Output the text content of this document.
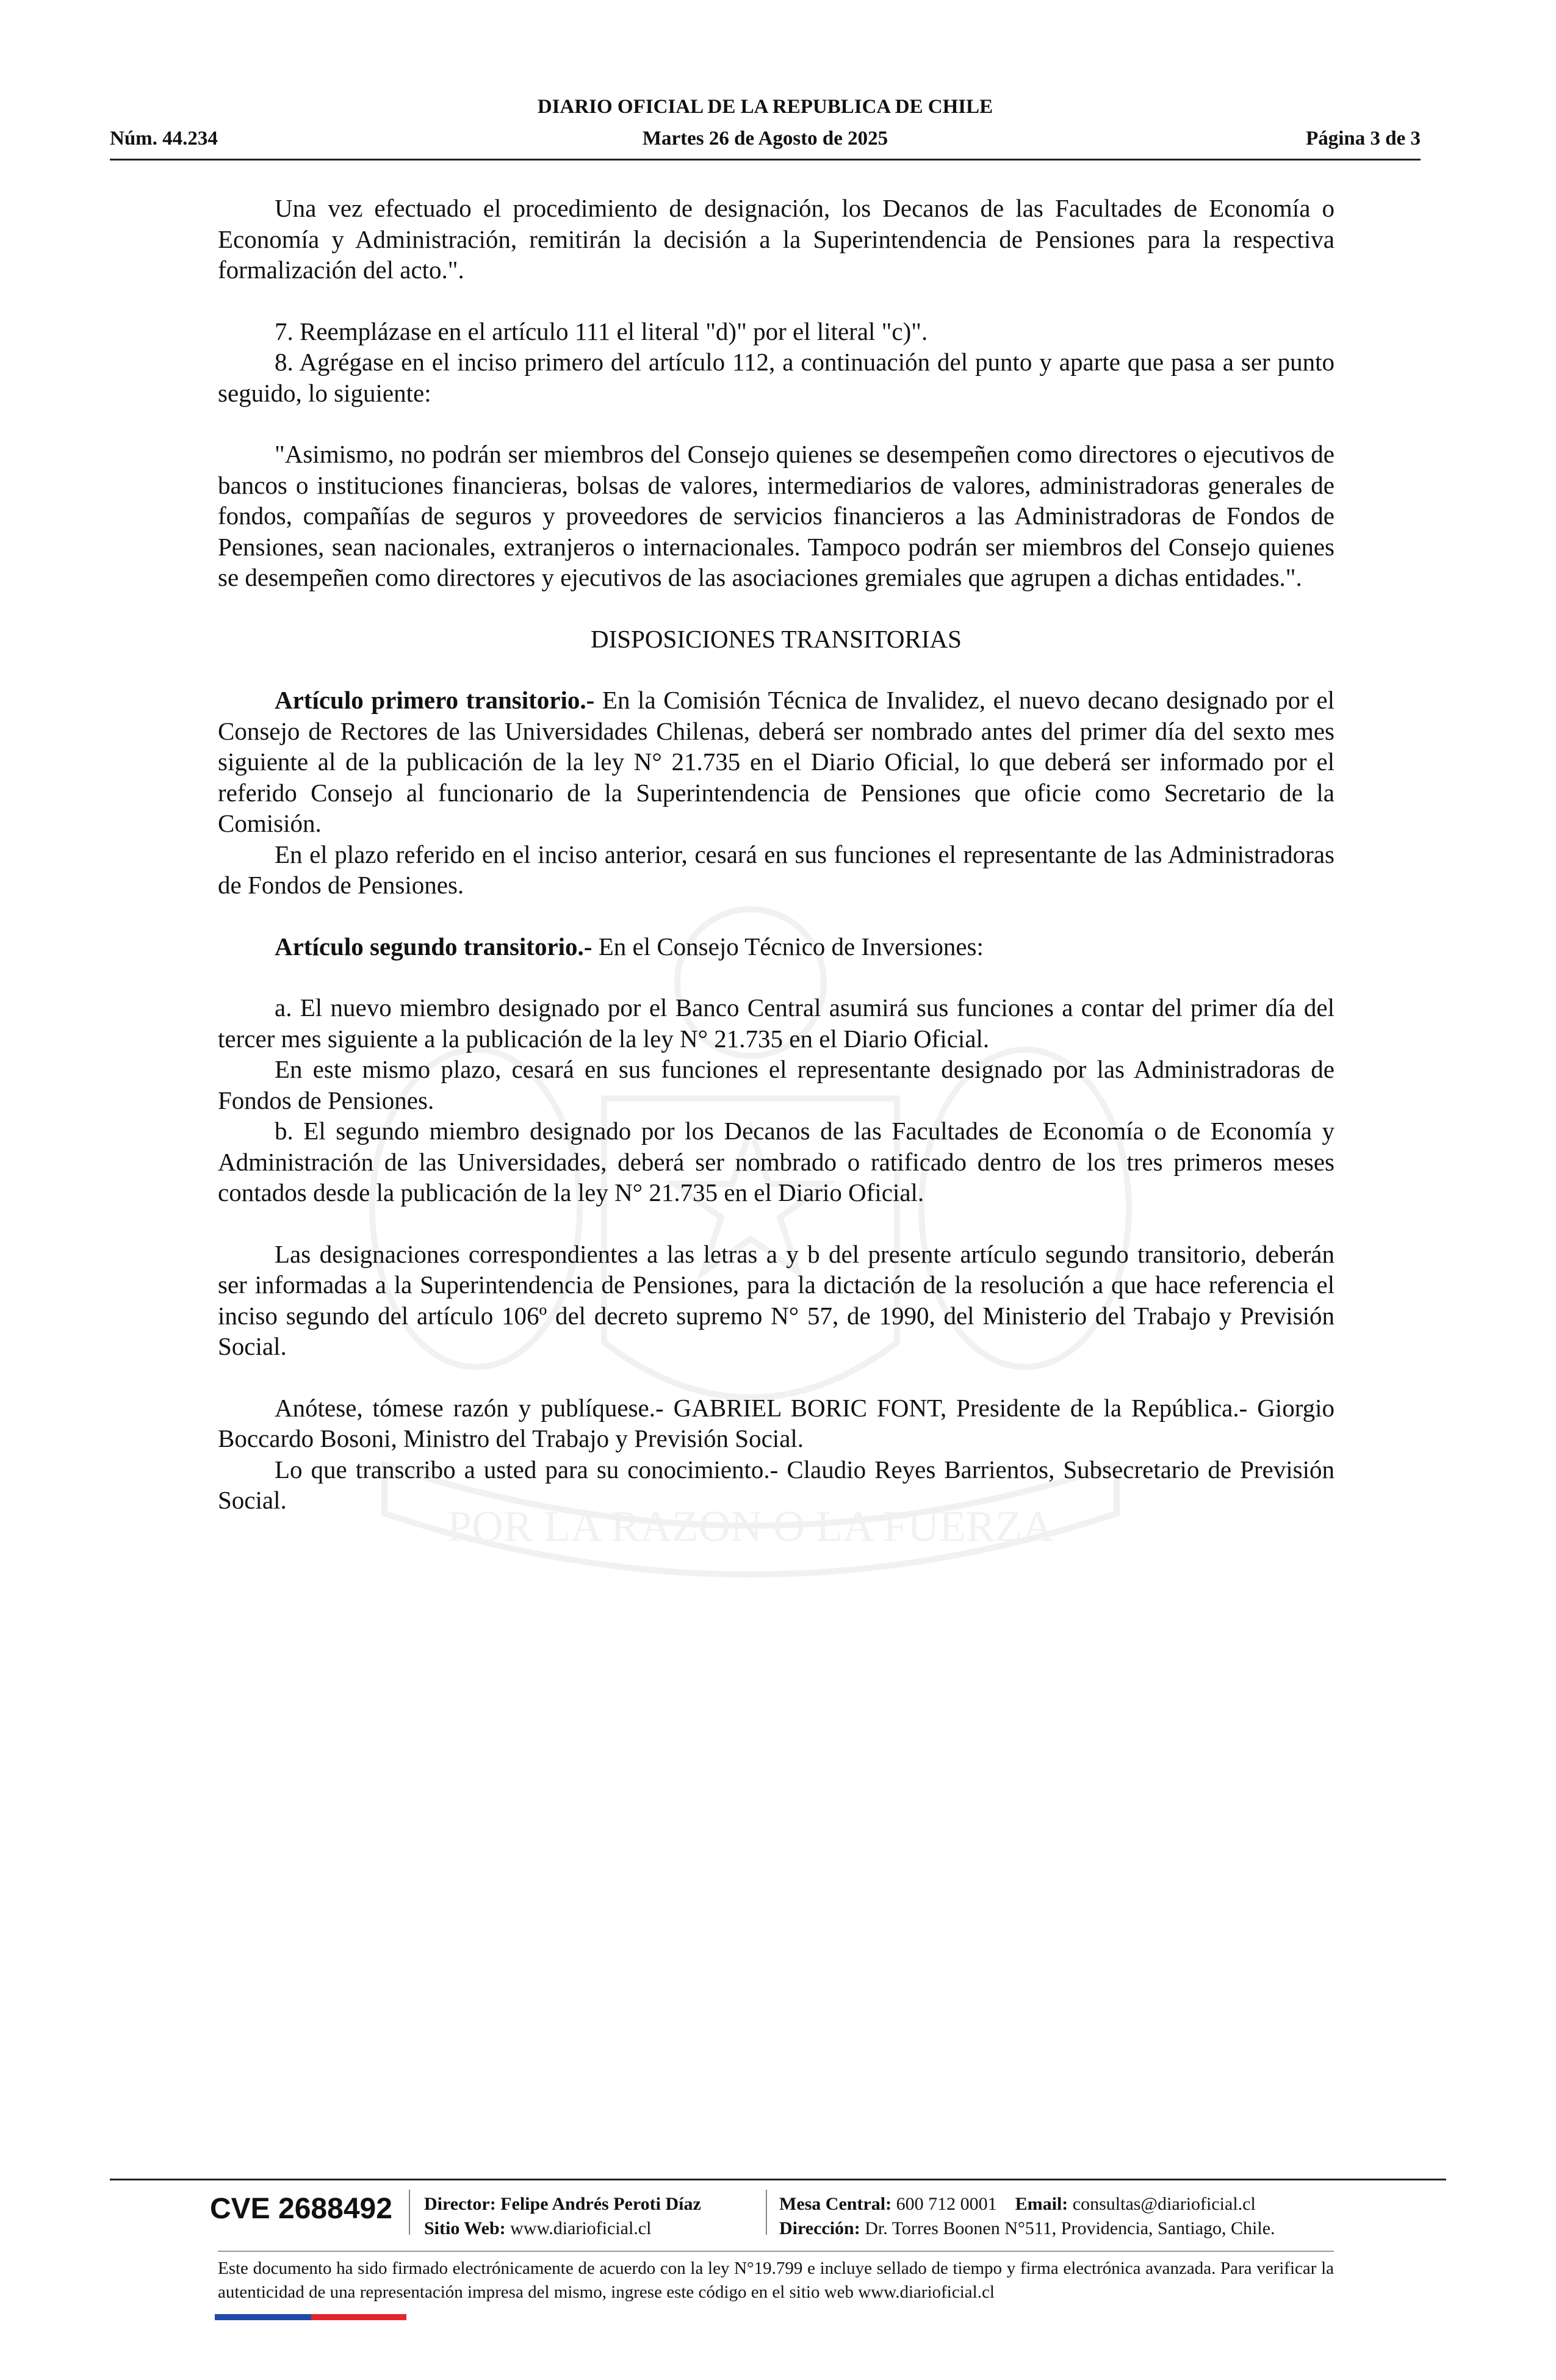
DIARIO OFICIAL DE LA REPUBLICA DE CHILE
Núm. 44.234	Martes 26 de Agosto de 2025	Página 3 de 3
POR LA RAZON O LA FUERZA

Una vez efectuado el procedimiento de designación, los Decanos de las Facultades de Economía o Economía y Administración, remitirán la decisión a la Superintendencia de Pensiones para la respectiva formalización del acto.".

7. Reemplázase en el artículo 111 el literal "d)" por el literal "c)".

8. Agrégase en el inciso primero del artículo 112, a continuación del punto y aparte que pasa a ser punto seguido, lo siguiente:

"Asimismo, no podrán ser miembros del Consejo quienes se desempeñen como directores o ejecutivos de bancos o instituciones financieras, bolsas de valores, intermediarios de valores, administradoras generales de fondos, compañías de seguros y proveedores de servicios financieros a las Administradoras de Fondos de Pensiones, sean nacionales, extranjeros o internacionales. Tampoco podrán ser miembros del Consejo quienes se desempeñen como directores y ejecutivos de las asociaciones gremiales que agrupen a dichas entidades.".

DISPOSICIONES TRANSITORIAS

Artículo primero transitorio.- En la Comisión Técnica de Invalidez, el nuevo decano designado por el Consejo de Rectores de las Universidades Chilenas, deberá ser nombrado antes del primer día del sexto mes siguiente al de la publicación de la ley N° 21.735 en el Diario Oficial, lo que deberá ser informado por el referido Consejo al funcionario de la Superintendencia de Pensiones que oficie como Secretario de la Comisión.

En el plazo referido en el inciso anterior, cesará en sus funciones el representante de las Administradoras de Fondos de Pensiones.

Artículo segundo transitorio.- En el Consejo Técnico de Inversiones:

a. El nuevo miembro designado por el Banco Central asumirá sus funciones a contar del primer día del tercer mes siguiente a la publicación de la ley N° 21.735 en el Diario Oficial.

En este mismo plazo, cesará en sus funciones el representante designado por las Administradoras de Fondos de Pensiones.

b. El segundo miembro designado por los Decanos de las Facultades de Economía o de Economía y Administración de las Universidades, deberá ser nombrado o ratificado dentro de los tres primeros meses contados desde la publicación de la ley N° 21.735 en el Diario Oficial.

Las designaciones correspondientes a las letras a y b del presente artículo segundo transitorio, deberán ser informadas a la Superintendencia de Pensiones, para la dictación de la resolución a que hace referencia el inciso segundo del artículo 106º del decreto supremo N° 57, de 1990, del Ministerio del Trabajo y Previsión Social.

Anótese, tómese razón y publíquese.- GABRIEL BORIC FONT, Presidente de la República.- Giorgio Boccardo Bosoni, Ministro del Trabajo y Previsión Social.

Lo que transcribo a usted para su conocimiento.- Claudio Reyes Barrientos, Subsecretario de Previsión Social.

CVE 2688492 Director: Felipe Andrés Peroti Díaz
Sitio Web: www.diarioficial.cl
Mesa Central: 600 712 0001 Email: consultas@diarioficial.cl
Dirección: Dr. Torres Boonen N°511, Providencia, Santiago, Chile.
Este documento ha sido firmado electrónicamente de acuerdo con la ley N°19.799 e incluye sellado de tiempo y firma electrónica avanzada. Para verificar la autenticidad de una representación impresa del mismo, ingrese este código en el sitio web www.diarioficial.cl
